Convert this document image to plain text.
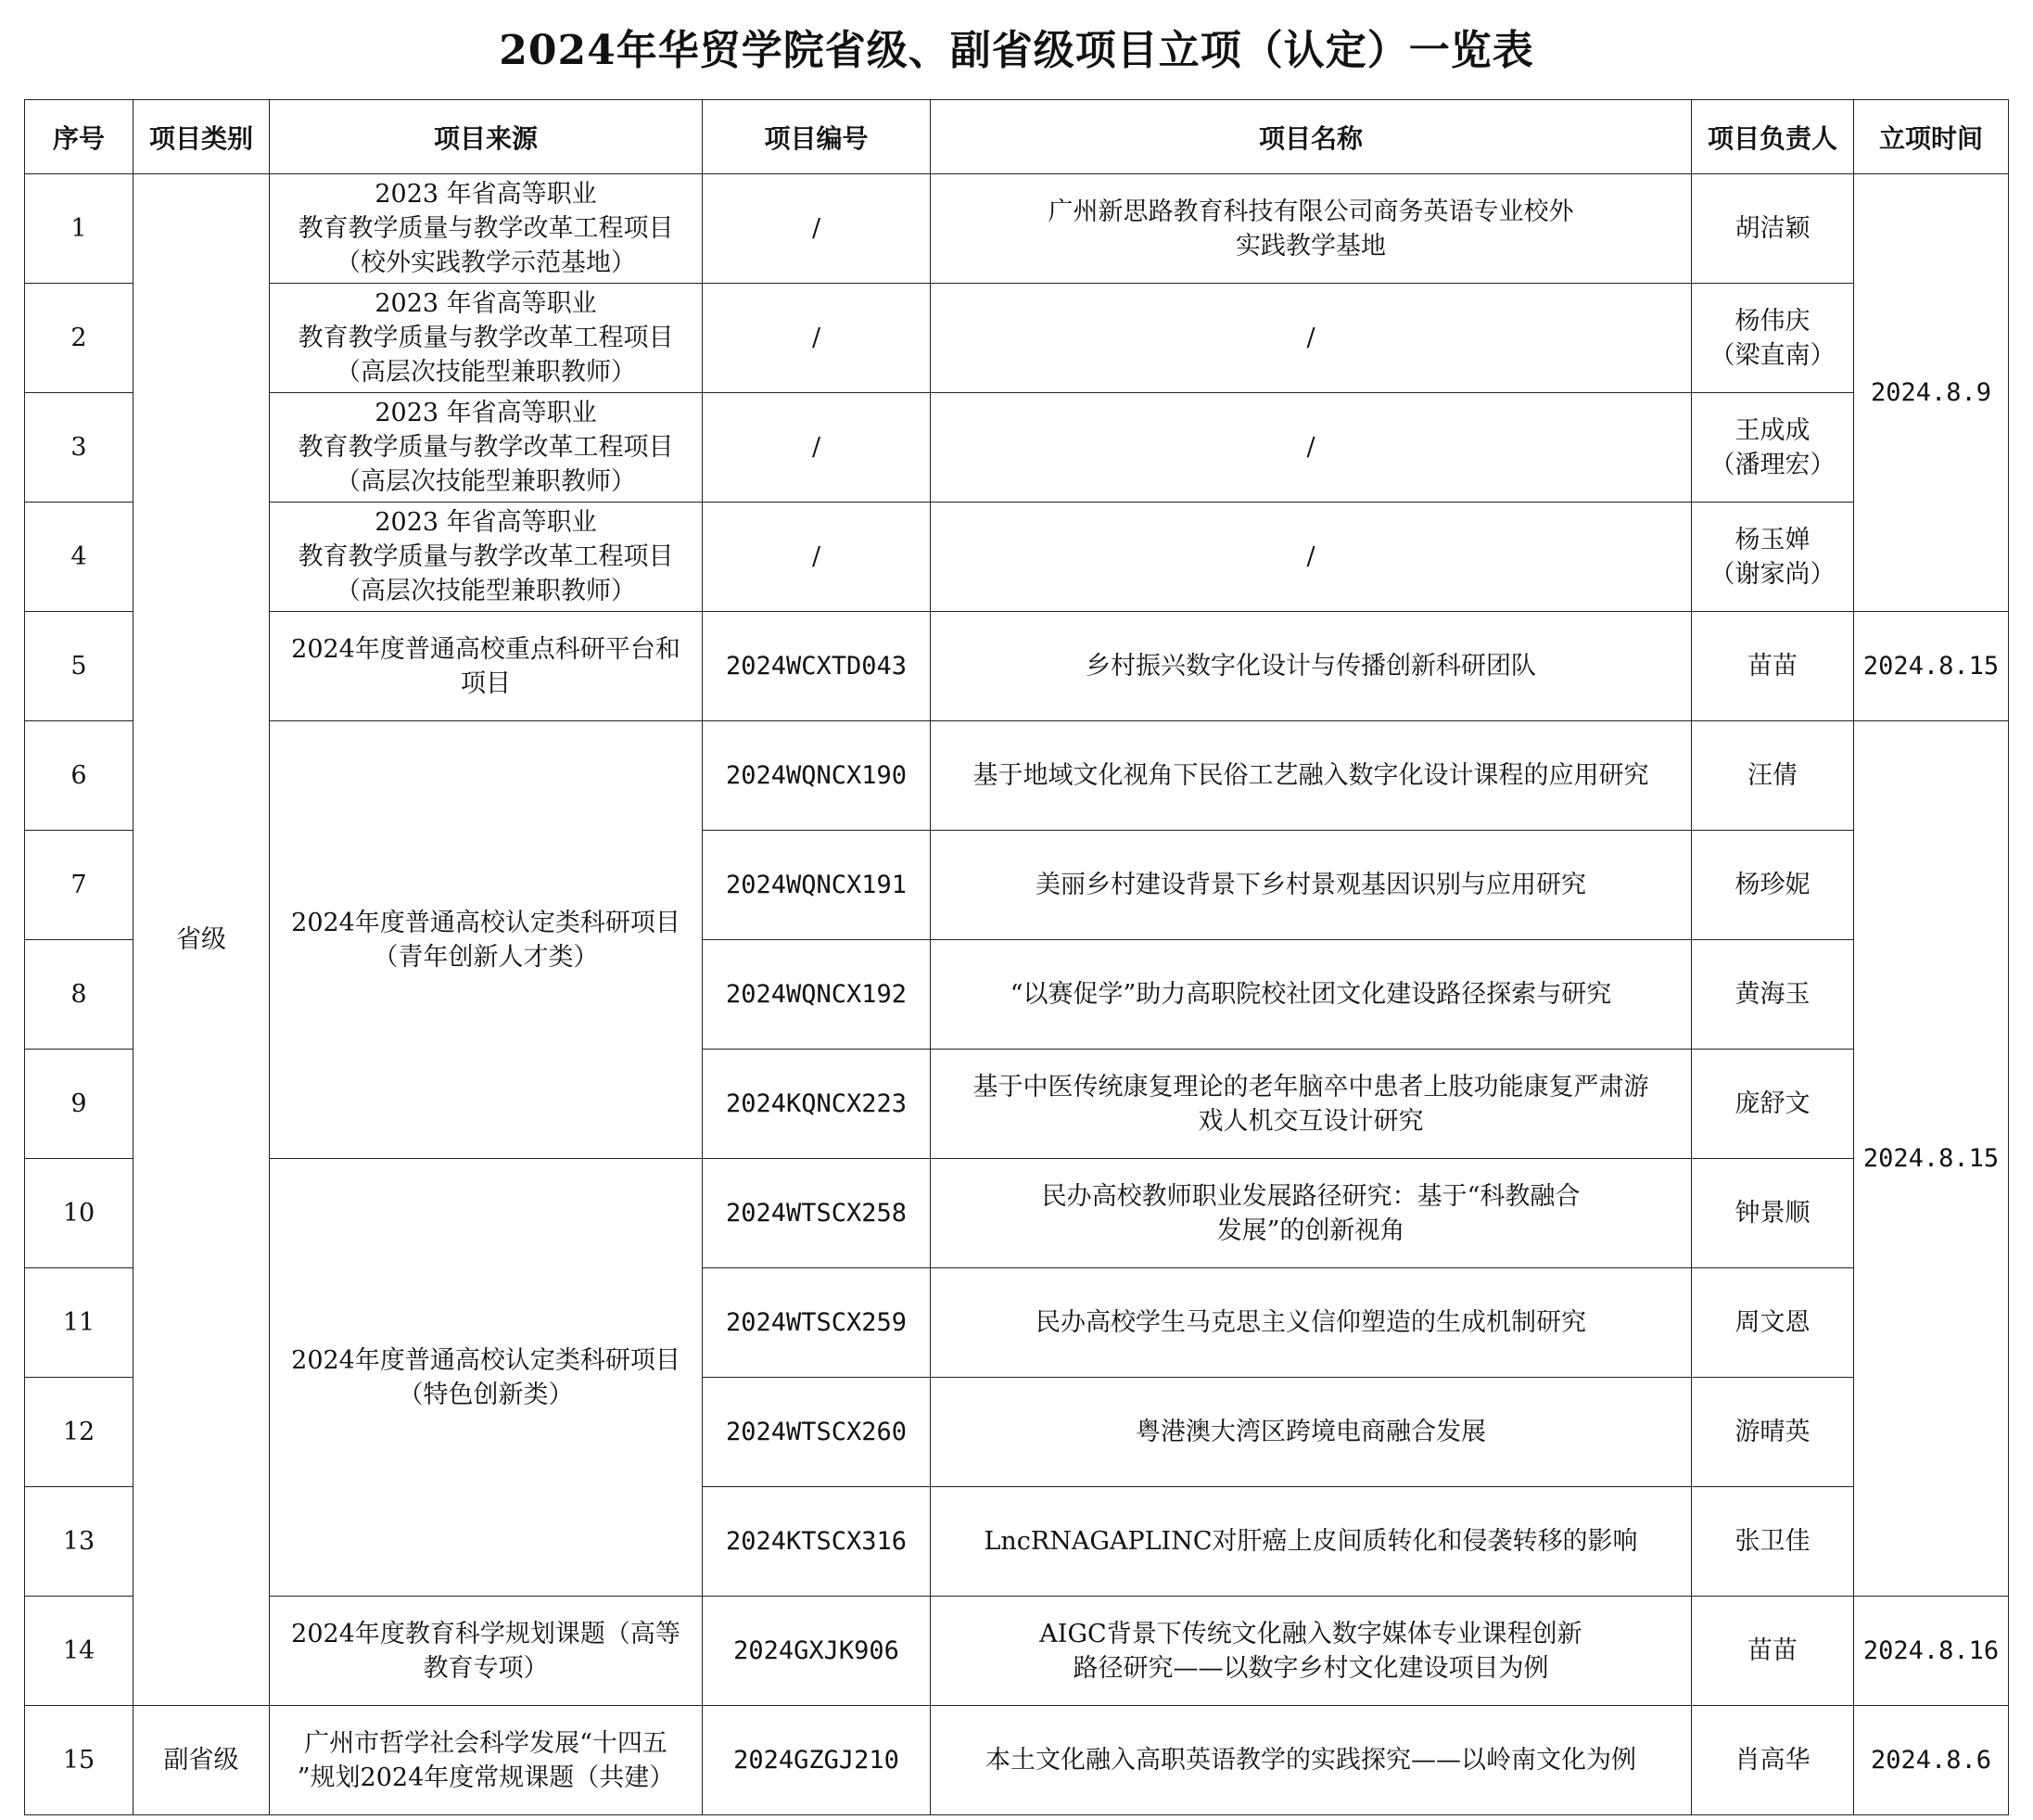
2024年华贸学院省级、副省级项目立项（认定）一览表
序号	项目类别	项目来源	项目编号	项目名称	项目负责人	立项时间
1	省级	2023 年省高等职业
教育教学质量与教学改革工程项目
（校外实践教学示范基地）	/	广州新思路教育科技有限公司商务英语专业校外
实践教学基地	胡洁颖	2024.8.9
2		2023 年省高等职业
教育教学质量与教学改革工程项目
（高层次技能型兼职教师）	/	/	杨伟庆
（梁直南）	
3		2023 年省高等职业
教育教学质量与教学改革工程项目
（高层次技能型兼职教师）	/	/	王成成
（潘理宏）	
4		2023 年省高等职业
教育教学质量与教学改革工程项目
（高层次技能型兼职教师）	/	/	杨玉婵
（谢家尚）	
5		2024年度普通高校重点科研平台和
项目	2024WCXTD043	乡村振兴数字化设计与传播创新科研团队	苗苗	2024.8.15
6		2024年度普通高校认定类科研项目
（青年创新人才类）	2024WQNCX190	基于地域文化视角下民俗工艺融入数字化设计课程的应用研究	汪倩	2024.8.15
7			2024WQNCX191	美丽乡村建设背景下乡村景观基因识别与应用研究	杨珍妮	
8			2024WQNCX192	“以赛促学”助力高职院校社团文化建设路径探索与研究	黄海玉	
9			2024KQNCX223	基于中医传统康复理论的老年脑卒中患者上肢功能康复严肃游
戏人机交互设计研究	庞舒文	
10		2024年度普通高校认定类科研项目
（特色创新类）	2024WTSCX258	民办高校教师职业发展路径研究：基于“科教融合
发展”的创新视角	钟景顺	
11			2024WTSCX259	民办高校学生马克思主义信仰塑造的生成机制研究	周文恩	
12			2024WTSCX260	粤港澳大湾区跨境电商融合发展	游晴英	
13			2024KTSCX316	LncRNAGAPLINC对肝癌上皮间质转化和侵袭转移的影响	张卫佳	
14		2024年度教育科学规划课题（高等
教育专项）	2024GXJK906	AIGC背景下传统文化融入数字媒体专业课程创新
路径研究——以数字乡村文化建设项目为例	苗苗	2024.8.16
15	副省级	广州市哲学社会科学发展“十四五
”规划2024年度常规课题（共建）	2024GZGJ210	本土文化融入高职英语教学的实践探究——以岭南文化为例	肖高华	2024.8.6
